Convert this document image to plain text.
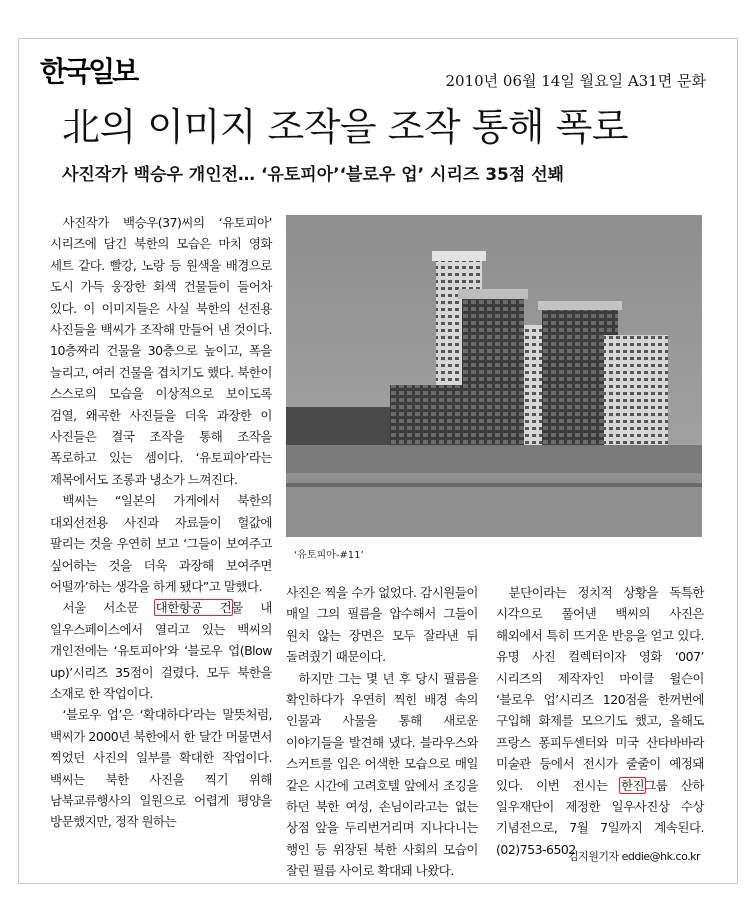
한국일보	2010년 06월 14일 월요일 A31면 문화
北의 이미지 조작을 조작 통해 폭로
사진작가 백승우 개인전… ‘유토피아’‘블로우 업’ 시리즈 35점 선봬
‘유토피아-#11’

사진작가 백승우(37)씨의 ‘유토피아’ 시리즈에 담긴 북한의 모습은 마치 영화 세트 같다. 빨강, 노랑 등 원색을 배경으로 도시 가득 웅장한 회색 건물들이 들어차 있다. 이 이미지들은 사실 북한의 선전용 사진들을 백씨가 조작해 만들어 낸 것이다. 10층짜리 건물을 30층으로 높이고, 폭을 늘리고, 여러 건물을 겹치기도 했다. 북한이 스스로의 모습을 이상적으로 보이도록 검열, 왜곡한 사진들을 더욱 과장한 이 사진들은 결국 조작을 통해 조작을 폭로하고 있는 셈이다. ‘유토피아’라는 제목에서도 조롱과 냉소가 느껴진다.

백씨는 “일본의 가게에서 북한의 대외선전용 사진과 자료들이 헐값에 팔리는 것을 우연히 보고 ‘그들이 보여주고 싶어하는 것을 더욱 과장해 보여주면 어떨까’하는 생각을 하게 됐다”고 말했다.

서울 서소문 대한항공 건물 내 일우스페이스에서 열리고 있는 백씨의 개인전에는 ‘유토피아’와 ‘블로우 업(Blow up)’시리즈 35점이 걸렸다. 모두 북한을 소재로 한 작업이다.

‘블로우 업’은 ‘확대하다’라는 말뜻처럼, 백씨가 2000년 북한에서 한 달간 머물면서 찍었던 사진의 일부를 확대한 작업이다. 백씨는 북한 사진을 찍기 위해 남북교류행사의 일원으로 어렵게 평양을 방문했지만, 정작 원하는

사진은 찍을 수가 없었다. 감시원들이 매일 그의 필름을 압수해서 그들이 원치 않는 장면은 모두 잘라낸 뒤 돌려줬기 때문이다.

하지만 그는 몇 년 후 당시 필름을 확인하다가 우연히 찍힌 배경 속의 인물과 사물을 통해 새로운 이야기들을 발견해 냈다. 블라우스와 스커트를 입은 어색한 모습으로 매일 같은 시간에 고려호텔 앞에서 조깅을 하던 북한 여성, 손님이라고는 없는 상점 앞을 두리번거리며 지나다니는 행인 등 위장된 북한 사회의 모습이 잘린 필름 사이로 확대돼 나왔다.

분단이라는 정치적 상황을 독특한 시각으로 풀어낸 백씨의 사진은 해외에서 특히 뜨거운 반응을 얻고 있다. 유명 사진 컬렉터이자 영화 ‘007’ 시리즈의 제작자인 마이클 윌슨이 ‘블로우 업’시리즈 120점을 한꺼번에 구입해 화제를 모으기도 했고, 올해도 프랑스 퐁피두센터와 미국 산타바바라 미술관 등에서 전시가 줄줄이 예정돼 있다. 이번 전시는 한진그룹 산하 일우재단이 제정한 일우사진상 수상 기념전으로, 7월 7일까지 계속된다. (02)753-6502

김지원기자 eddie@hk.co.kr
